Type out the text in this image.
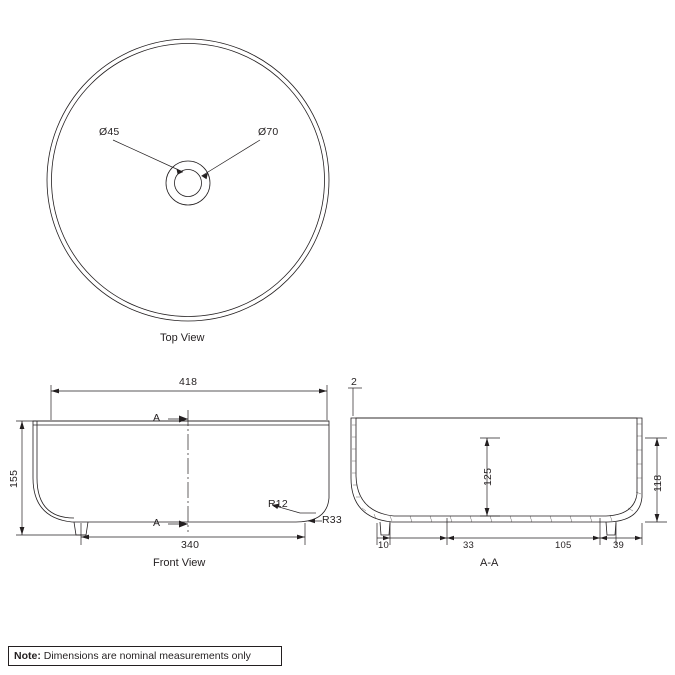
Ø45	Ø70
Top View
418
340
155
R12
R33
A
A
Front View
2
125	118
10	33	105	39
A-A
Note: Dimensions are nominal measurements only
